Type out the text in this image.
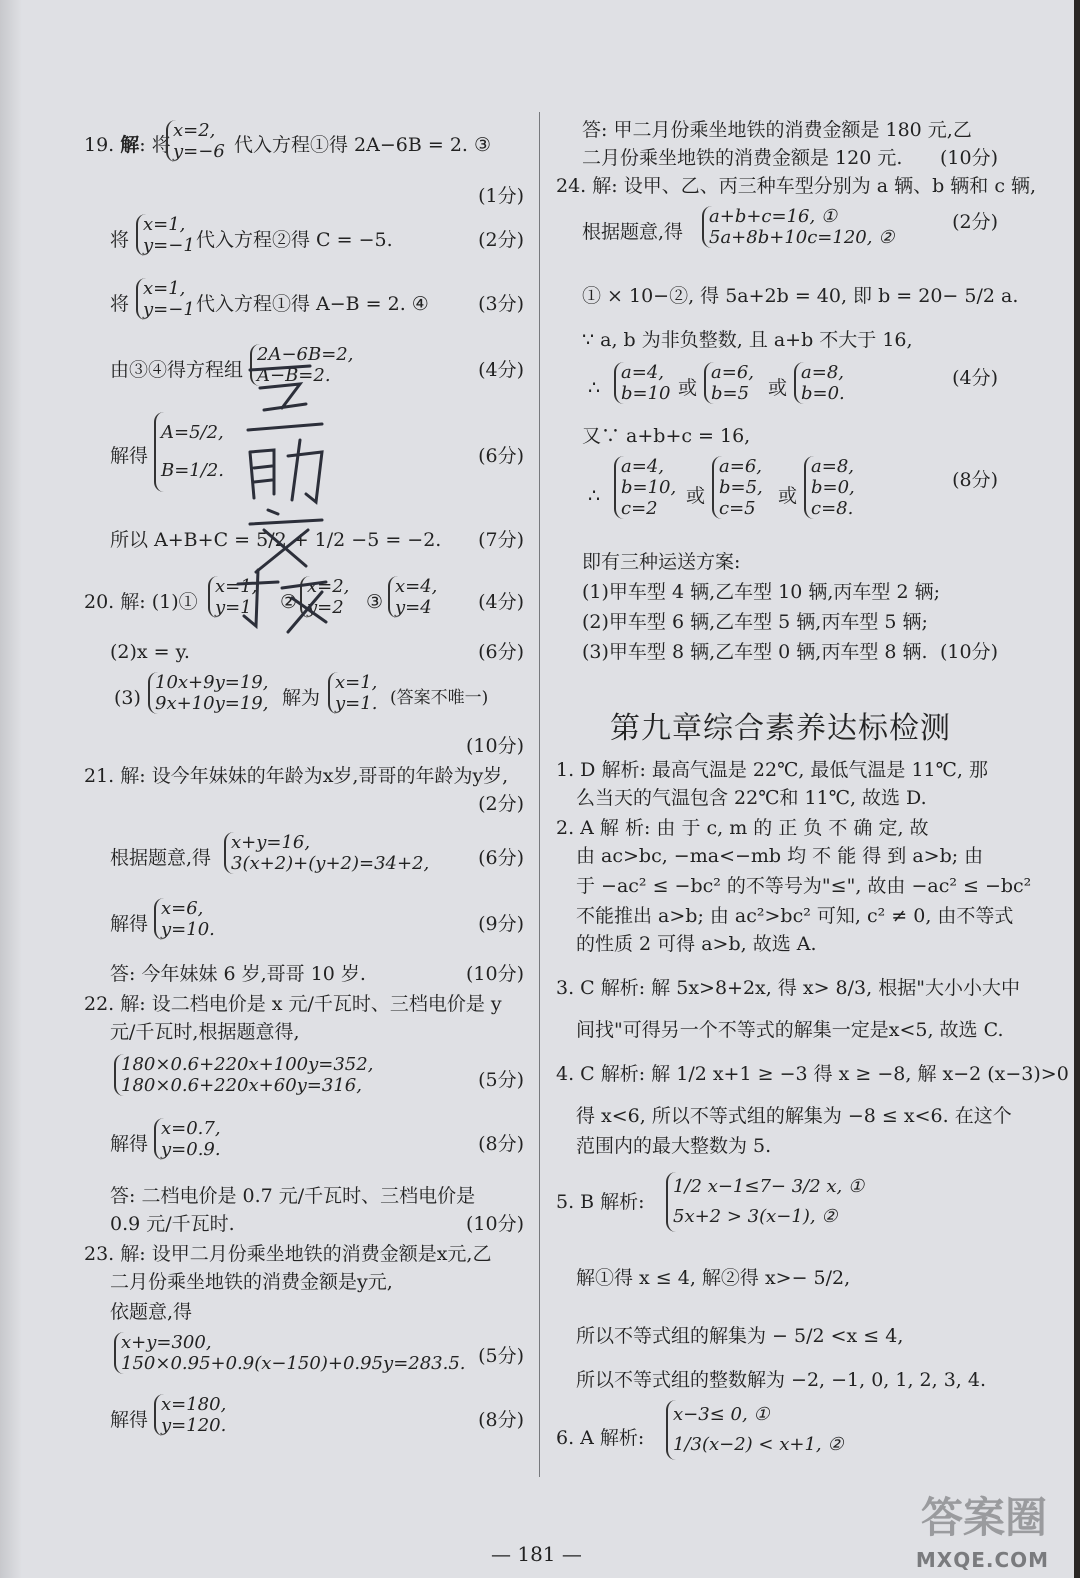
19. 解: 将
x=2,
y=−6 代入方程①得 2A−6B = 2. ③
(1分)
将
x=1,
y=−1 代入方程②得 C = −5.	(2分)
将
x=1,
y=−1 代入方程①得 A−B = 2. ④	(3分)
由③④得方程组
2A−6B=2,
A−B=2.	(4分)
解得
A=5/2,
B=1/2.
(6分)
所以 A+B+C = 5/2 + 1/2 −5 = −2. (7分)
20. 解: (1)①
x=1,
y=1	②
x=2,
y=2	③
x=4,
y=4	(4分)
(2)x = y.	(6分)
(3)
10x+9y=19,
9x+10y=19, 解为
x=1,
y=1. (答案不唯一)
(10分)
21. 解: 设今年妹妹的年龄为x岁,哥哥的年龄为y岁,
(2分)
根据题意,得
x+y=16,
3(x+2)+(y+2)=34+2,	(6分)
解得
x=6,
y=10.	(9分)
答: 今年妹妹 6 岁,哥哥 10 岁.	(10分)
22. 解: 设二档电价是 x 元/千瓦时、三档电价是 y
元/千瓦时,根据题意得,
180×0.6+220x+100y=352,
180×0.6+220x+60y=316,	(5分)
解得
x=0.7,
y=0.9.	(8分)
答: 二档电价是 0.7 元/千瓦时、三档电价是
0.9 元/千瓦时.	(10分)
23. 解: 设甲二月份乘坐地铁的消费金额是x元,乙
二月份乘坐地铁的消费金额是y元,
依题意,得
x+y=300,
150×0.95+0.9(x−150)+0.95y=283.5. (5分)
解得
x=180,
y=120.	(8分)
答: 甲二月份乘坐地铁的消费金额是 180 元,乙
二月份乘坐地铁的消费金额是 120 元. (10分)
24. 解: 设甲、乙、丙三种车型分别为 a 辆、b 辆和 c 辆,
根据题意,得
a+b+c=16, ①
5a+8b+10c=120, ②
(2分)
① × 10−②, 得 5a+2b = 40, 即 b = 20− 5/2 a.
∵ a, b 为非负整数, 且 a+b 不大于 16,
∴
a=4,
b=10 或
a=6,
b=5 或
a=8,
b=0.
(4分)
又∵ a+b+c = 16,
∴
a=4,
b=10,
c=2
或
a=6,
b=5,
c=5
或
a=8,
b=0,
c=8.
(8分)
即有三种运送方案:
(1)甲车型 4 辆,乙车型 10 辆,丙车型 2 辆;
(2)甲车型 6 辆,乙车型 5 辆,丙车型 5 辆;
(3)甲车型 8 辆,乙车型 0 辆,丙车型 8 辆. (10分)
1. D 解析: 最高气温是 22℃, 最低气温是 11℃, 那
么当天的气温包含 22℃和 11℃, 故选 D.
2. A 解 析: 由 于 c, m 的 正 负 不 确 定, 故
由 ac>bc, −ma<−mb 均 不 能 得 到 a>b; 由
于 −ac² ≤ −bc² 的不等号为"≤", 故由 −ac² ≤ −bc²
不能推出 a>b; 由 ac²>bc² 可知, c² ≠ 0, 由不等式
的性质 2 可得 a>b, 故选 A.
3. C 解析: 解 5x>8+2x, 得 x> 8/3, 根据"大小小大中
间找"可得另一个不等式的解集一定是x<5, 故选 C.
4. C 解析: 解 1/2 x+1 ≥ −3 得 x ≥ −8, 解 x−2 (x−3)>0
得 x<6, 所以不等式组的解集为 −8 ≤ x<6. 在这个
范围内的最大整数为 5.
5. B 解析:
1/2 x−1≤7− 3/2 x, ①
5x+2 > 3(x−1), ②
解①得 x ≤ 4, 解②得 x>− 5/2,
所以不等式组的解集为 − 5/2 <x ≤ 4,
所以不等式组的整数解为 −2, −1, 0, 1, 2, 3, 4.
6. A 解析:
x−3≤ 0, ①
1/3(x−2) < x+1, ②
第九章综合素养达标检测
— 181 —
答案圈
MXQE.COM
